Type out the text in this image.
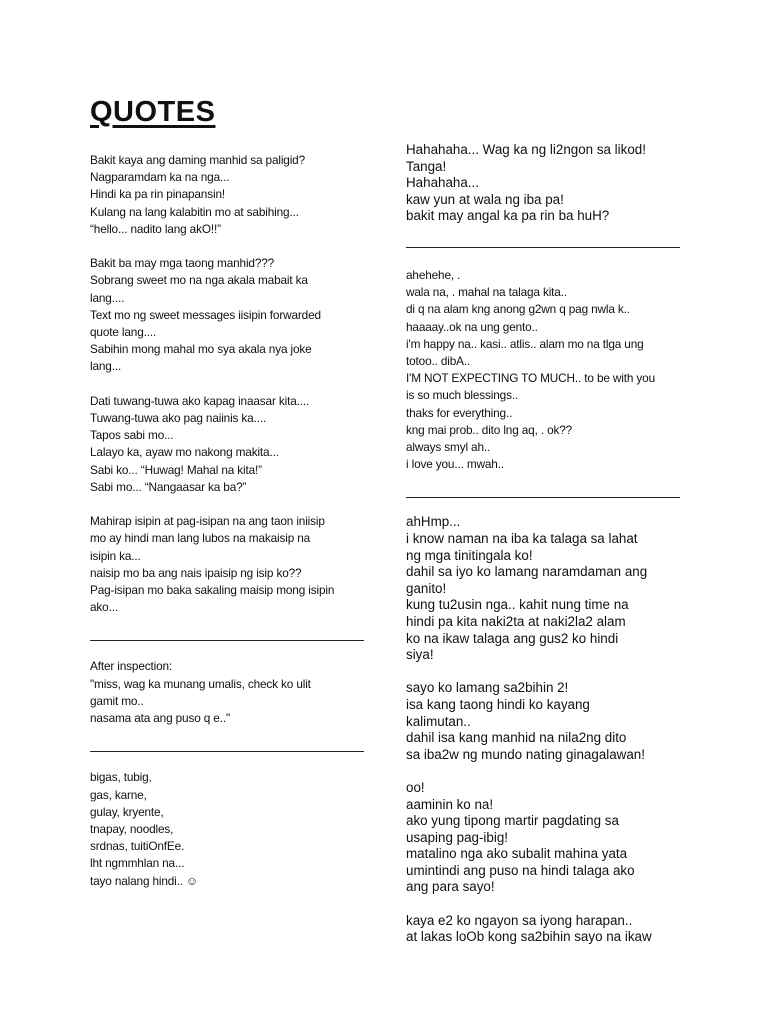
QUOTES
Bakit kaya ang daming manhid sa paligid?
Nagparamdam ka na nga...
Hindi ka pa rin pinapansin!
Kulang na lang kalabitin mo at sabihing...
“hello... nadito lang akO!!”

Bakit ba may mga taong manhid???
Sobrang sweet mo na nga akala mabait ka
lang....
Text mo ng sweet messages iisipin forwarded
quote lang....
Sabihin mong mahal mo sya akala nya joke
lang...

Dati tuwang-tuwa ako kapag inaasar kita....
Tuwang-tuwa ako pag naiinis ka....
Tapos sabi mo...
Lalayo ka, ayaw mo nakong makita...
Sabi ko... “Huwag! Mahal na kita!”
Sabi mo... “Nangaasar ka ba?”

Mahirap isipin at pag-isipan na ang taon iniisip
mo ay hindi man lang lubos na makaisip na
isipin ka...
naisip mo ba ang nais ipaisip ng isip ko??
Pag-isipan mo baka sakaling maisip mong isipin
ako...
After inspection:
"miss, wag ka munang umalis, check ko ulit
gamit mo..
nasama ata ang puso q e.."
bigas, tubig,
gas, karne,
gulay, kryente,
tnapay, noodles,
srdnas, tuitiOnfEe.
lht ngmmhlan na...
tayo nalang hindi.. ☺
Hahahaha... Wag ka ng li2ngon sa likod!
Tanga!
Hahahaha...
kaw yun at wala ng iba pa!
bakit may angal ka pa rin ba huH?
ahehehe, .
wala na, . mahal na talaga kita..
di q na alam kng anong g2wn q pag nwla k..
haaaay..ok na ung gento..
i'm happy na.. kasi.. atlis.. alam mo na tlga ung
totoo.. dibA..
I'M NOT EXPECTING TO MUCH.. to be with you
is so much blessings..
thaks for everything..
kng mai prob.. dito lng aq, . ok??
always smyl ah..
i love you... mwah..
ahHmp...
i know naman na iba ka talaga sa lahat
ng mga tinitingala ko!
dahil sa iyo ko lamang naramdaman ang
ganito!
kung tu2usin nga.. kahit nung time na
hindi pa kita naki2ta at naki2la2 alam
ko na ikaw talaga ang gus2 ko hindi
siya!

sayo ko lamang sa2bihin 2!
isa kang taong hindi ko kayang
kalimutan..
dahil isa kang manhid na nila2ng dito
sa iba2w ng mundo nating ginagalawan!

oo!
aaminin ko na!
ako yung tipong martir pagdating sa
usaping pag-ibig!
matalino nga ako subalit mahina yata
umintindi ang puso na hindi talaga ako
ang para sayo!

kaya e2 ko ngayon sa iyong harapan..
at lakas loOb kong sa2bihin sayo na ikaw
